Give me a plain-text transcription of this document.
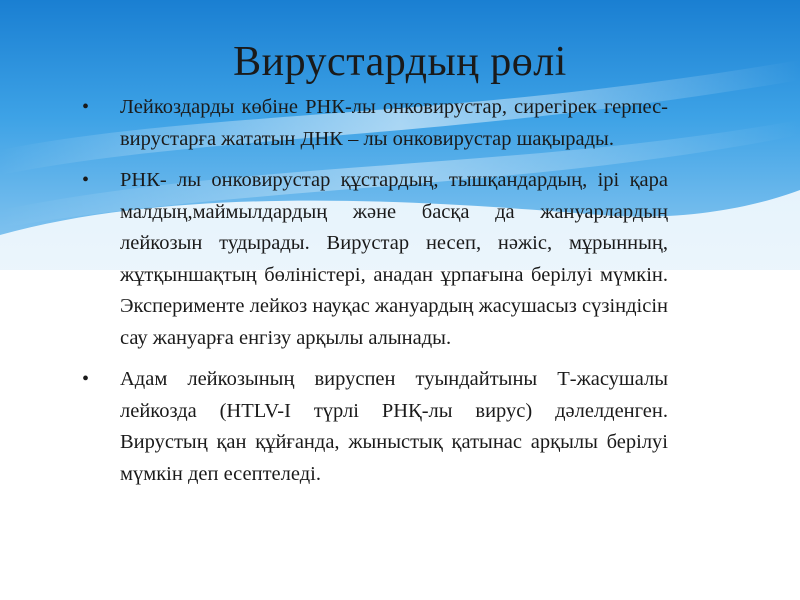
Вирустардың рөлі
• Лейкоздарды көбіне РНК-лы онковирустар, сирегірек герпес-вирустарға жататын ДНК – лы онковирустар шақырады.
• РНК- лы онковирустар құстардың, тышқандардың, ірі қара малдың,маймылдардың және басқа да жануарлардың лейкозын тудырады. Вирустар несеп, нәжіс, мұрынның, жұтқыншақтың бөліністері, анадан ұрпағына берілуі мүмкін. Эксперименте лейкоз науқас жануардың жасушасыз сүзіндісін сау жануарға енгізу арқылы алынады.
• Адам лейкозының вируспен туындайтыны Т-жасушалы лейкозда (HTLV-I түрлі РНҚ-лы вирус) дәлелденген. Вирустың қан құйғанда, жыныстық қатынас арқылы берілуі мүмкін деп есептеледі.
